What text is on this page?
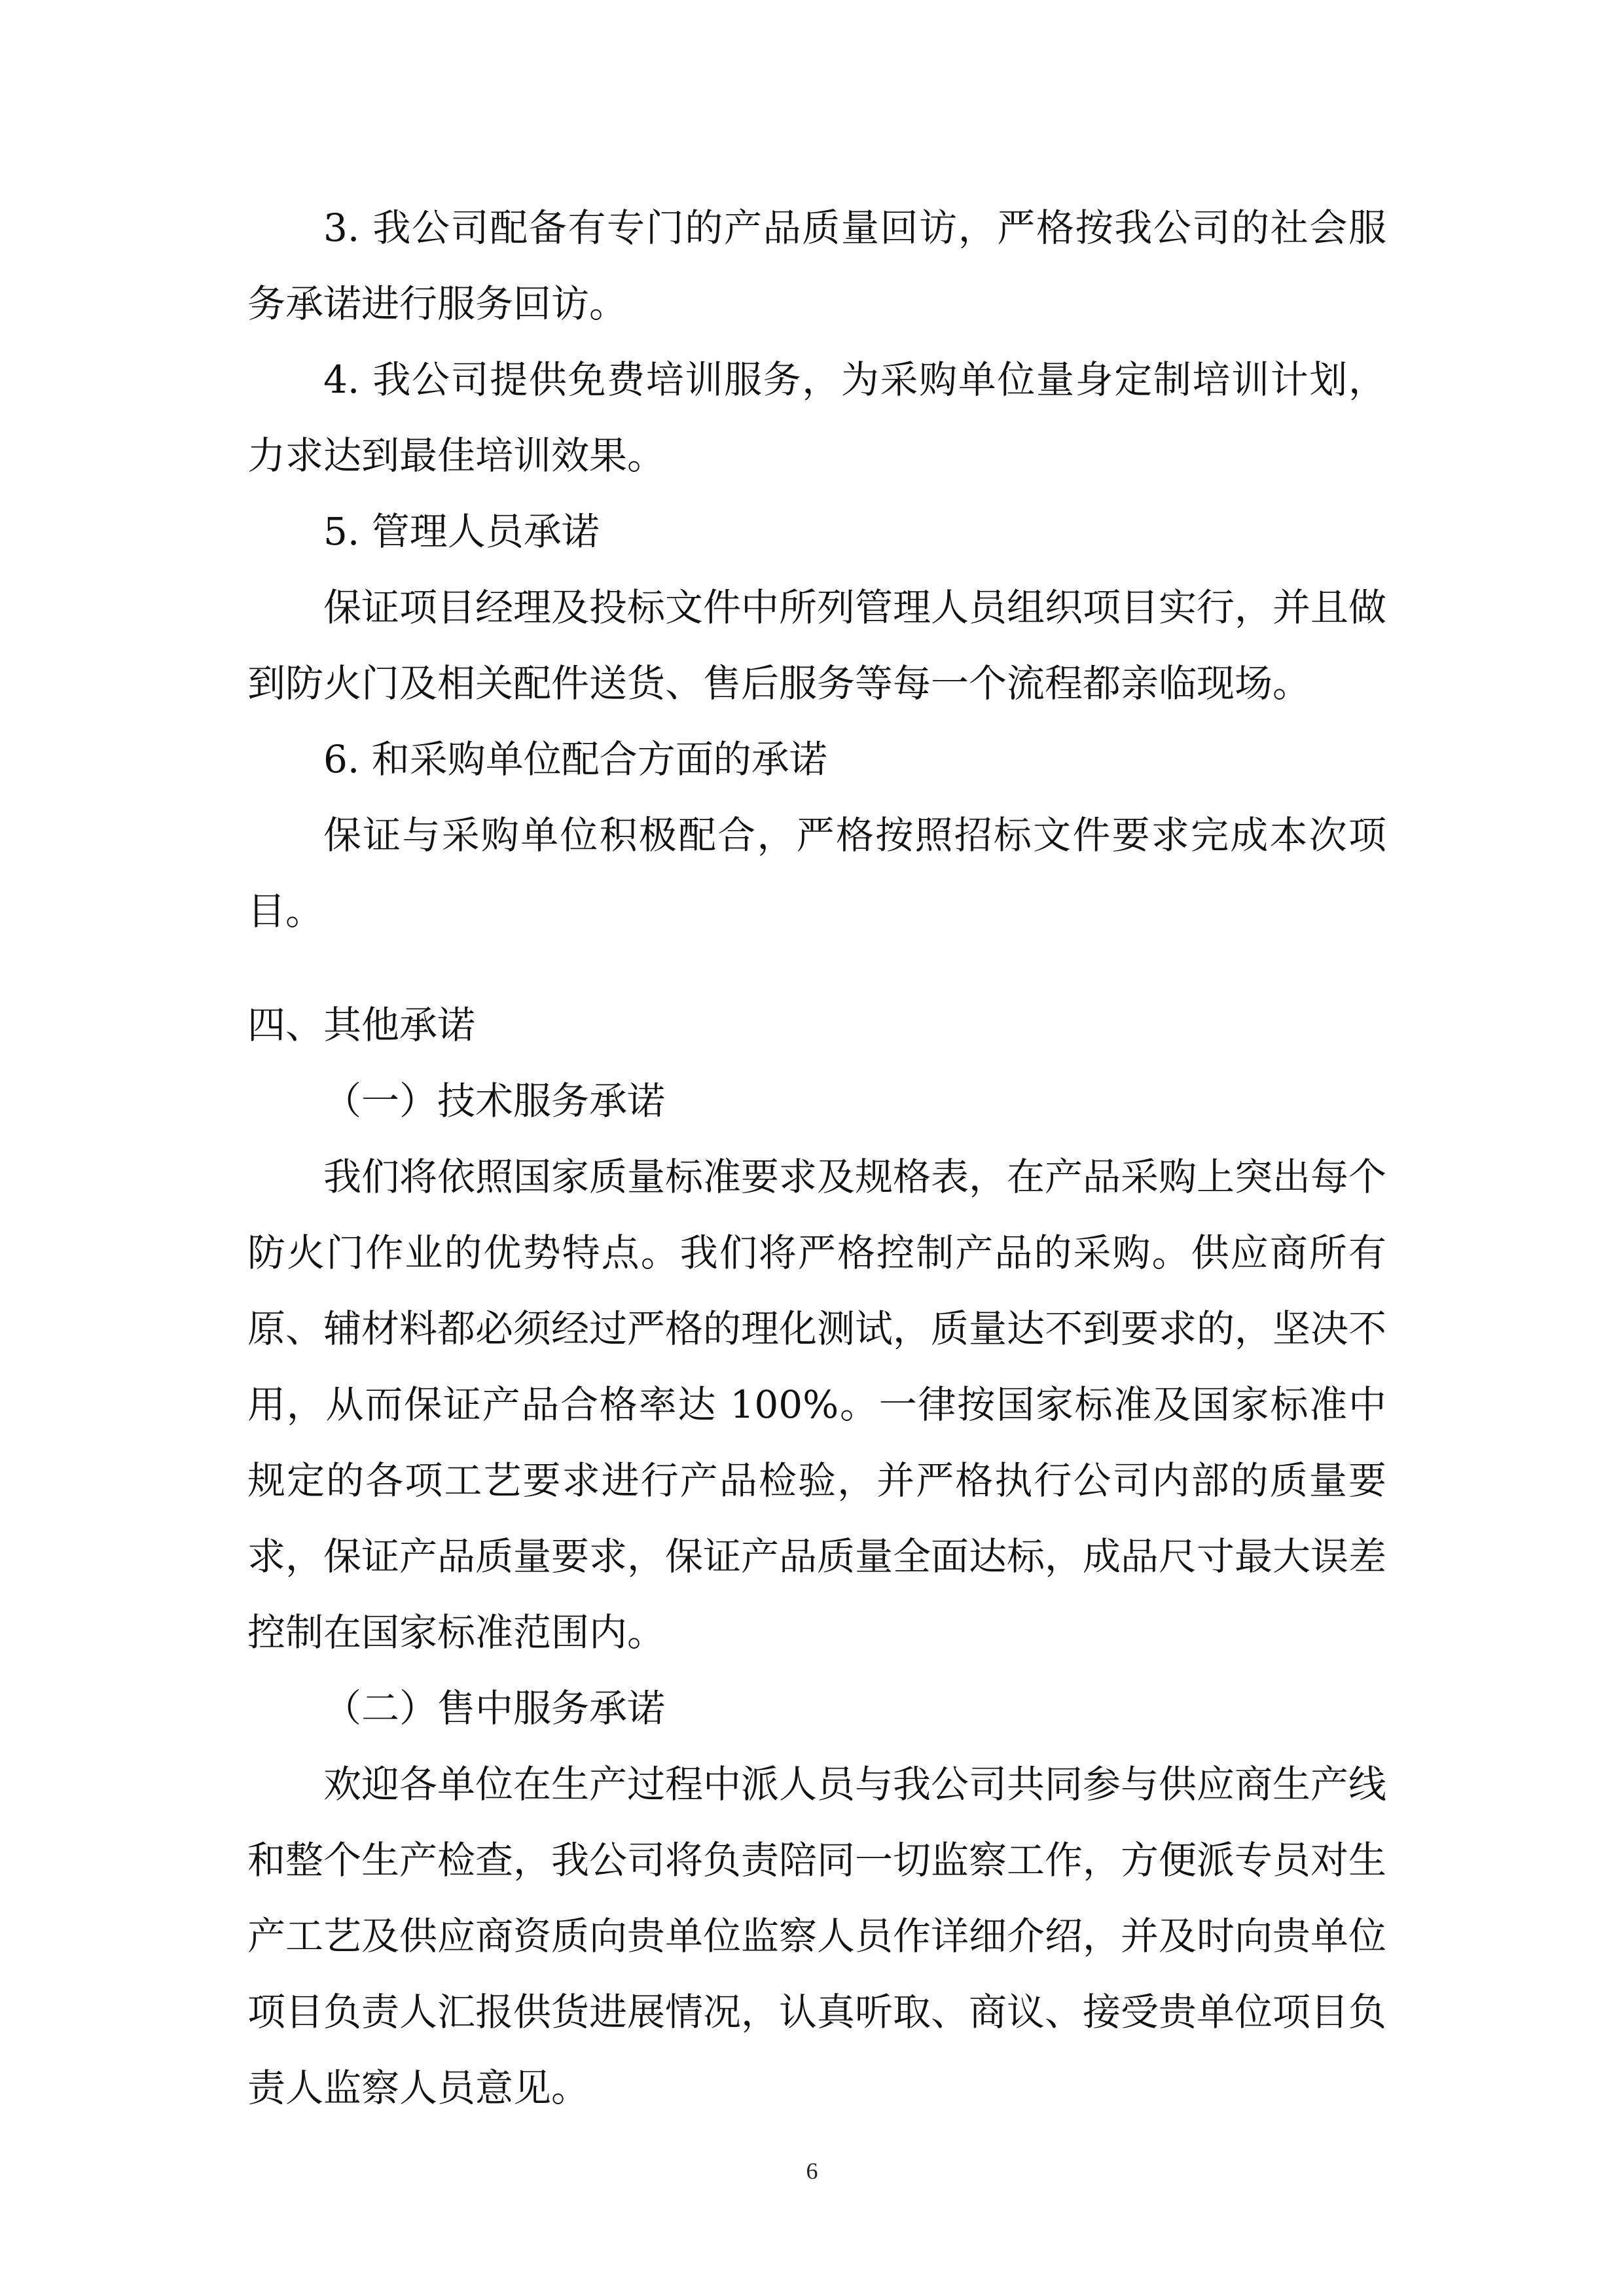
3. 我公司配备有专门的产品质量回访，严格按我公司的社会服务承诺进行服务回访。

4. 我公司提供免费培训服务，为采购单位量身定制培训计划，力求达到最佳培训效果。

5. 管理人员承诺

保证项目经理及投标文件中所列管理人员组织项目实行，并且做到防火门及相关配件送货、售后服务等每一个流程都亲临现场。

6. 和采购单位配合方面的承诺

保证与采购单位积极配合，严格按照招标文件要求完成本次项目。

四、其他承诺

（一）技术服务承诺

我们将依照国家质量标准要求及规格表，在产品采购上突出每个防火门作业的优势特点。我们将严格控制产品的采购。供应商所有原、辅材料都必须经过严格的理化测试，质量达不到要求的，坚决不用，从而保证产品合格率达 100%。一律按国家标准及国家标准中规定的各项工艺要求进行产品检验，并严格执行公司内部的质量要求，保证产品质量要求，保证产品质量全面达标，成品尺寸最大误差控制在国家标准范围内。

（二）售中服务承诺

欢迎各单位在生产过程中派人员与我公司共同参与供应商生产线和整个生产检查，我公司将负责陪同一切监察工作，方便派专员对生产工艺及供应商资质向贵单位监察人员作详细介绍，并及时向贵单位项目负责人汇报供货进展情况，认真听取、商议、接受贵单位项目负责人监察人员意见。

6
